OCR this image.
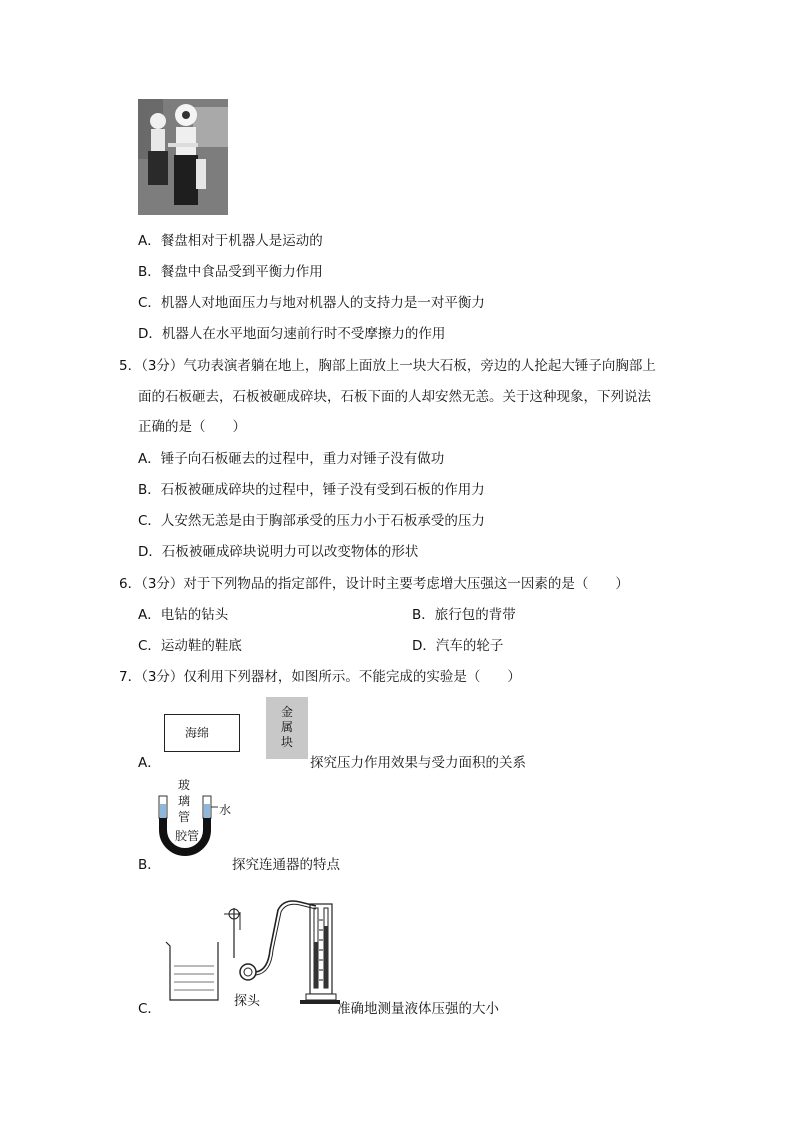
A．餐盘相对于机器人是运动的
B．餐盘中食品受到平衡力作用
C．机器人对地面压力与地对机器人的支持力是一对平衡力
D．机器人在水平地面匀速前行时不受摩擦力的作用
5．（3分）气功表演者躺在地上，胸部上面放上一块大石板，旁边的人抡起大锤子向胸部上
面的石板砸去，石板被砸成碎块，石板下面的人却安然无恙。关于这种现象，下列说法
正确的是（　　）
A．锤子向石板砸去的过程中，重力对锤子没有做功
B．石板被砸成碎块的过程中，锤子没有受到石板的作用力
C．人安然无恙是由于胸部承受的压力小于石板承受的压力
D．石板被砸成碎块说明力可以改变物体的形状
6．（3分）对于下列物品的指定部件，设计时主要考虑增大压强这一因素的是（　　）
A．电钻的钻头	B．旅行包的背带
C．运动鞋的鞋底	D．汽车的轮子
7．（3分）仅利用下列器材，如图所示。不能完成的实验是（　　）
A．
海绵
金
属
块
探究压力作用效果与受力面积的关系
B．
玻
璃
管 水
胶管
探究连通器的特点
C．	探头	准确地测量液体压强的大小
